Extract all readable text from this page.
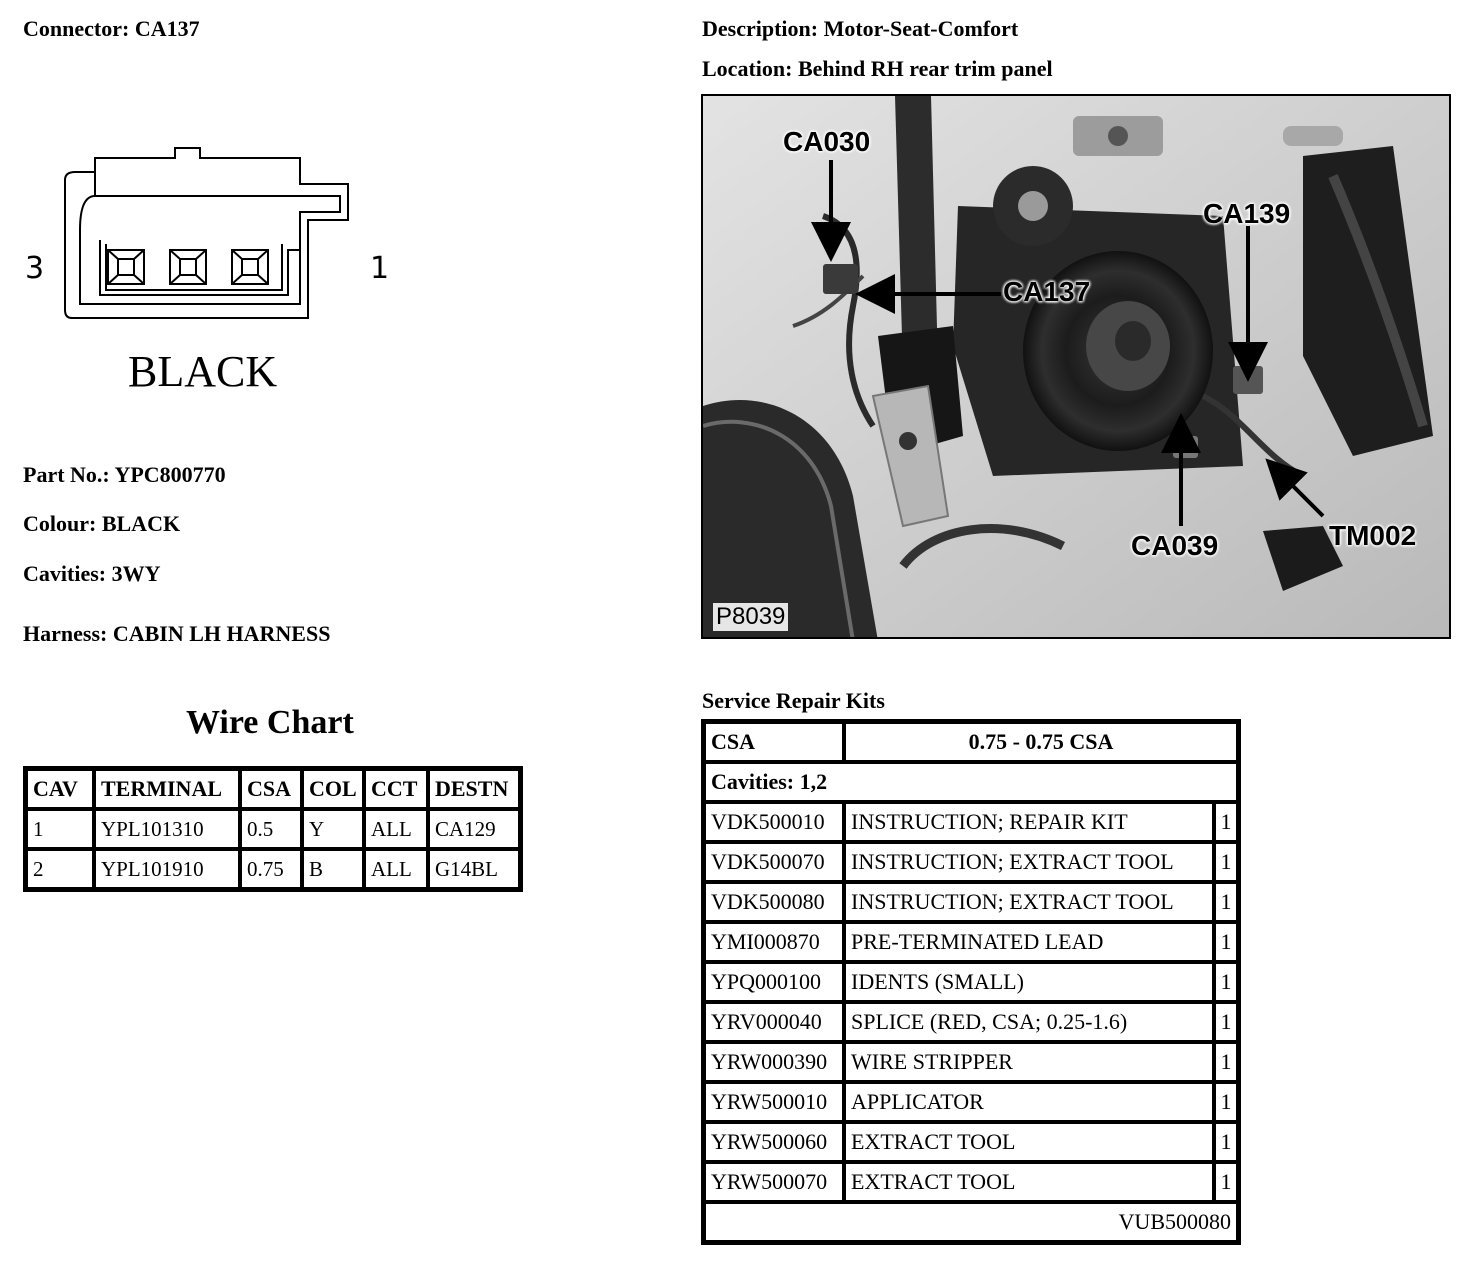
Connector: CA137	Description: Motor-Seat-Comfort
Location: Behind RH rear trim panel
3	1
BLACK
Part No.: YPC800770
Colour: BLACK
Cavities: 3WY
Harness: CABIN LH HARNESS
Wire Chart
CAV	TERMINAL	CSA	COL	CCT	DESTN
1	YPL101310	0.5	Y	ALL	CA129
2	YPL101910	0.75	B	ALL	G14BL
CA030
CA137
CA139
CA039	TM002
P8039
Service Repair Kits
CSA	0.75 - 0.75 CSA	
Cavities: 1,2		
VDK500010	INSTRUCTION; REPAIR KIT	1
VDK500070	INSTRUCTION; EXTRACT TOOL	1
VDK500080	INSTRUCTION; EXTRACT TOOL	1
YMI000870	PRE-TERMINATED LEAD	1
YPQ000100	IDENTS (SMALL)	1
YRV000040	SPLICE (RED, CSA; 0.25-1.6)	1
YRW000390	WIRE STRIPPER	1
YRW500010	APPLICATOR	1
YRW500060	EXTRACT TOOL	1
YRW500070	EXTRACT TOOL	1
VUB500080		
